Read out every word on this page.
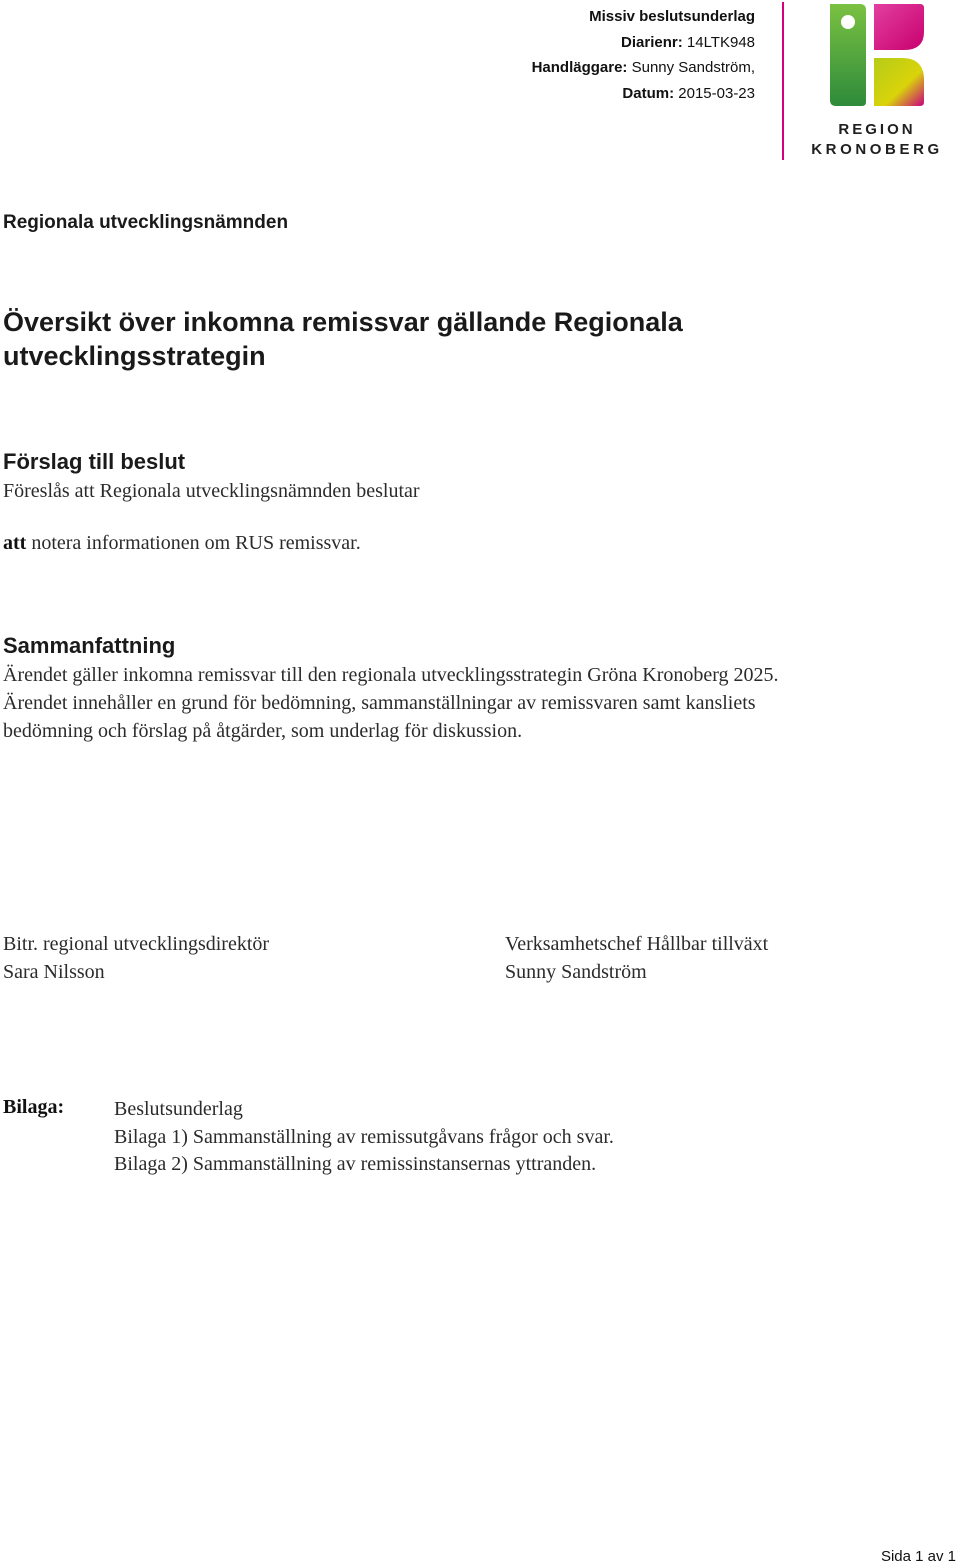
Missiv beslutsunderlag
Diarienr: 14LTK948
Handläggare: Sunny Sandström,
Datum: 2015-03-23
REGION
KRONOBERG
Regionala utvecklingsnämnden
Översikt över inkomna remissvar gällande Regionala utvecklingsstrategin
Förslag till beslut

Föreslås att Regionala utvecklingsnämnden beslutar

att notera informationen om RUS remissvar.

Sammanfattning

Ärendet gäller inkomna remissvar till den regionala utvecklingsstrategin Gröna Kronoberg 2025. Ärendet innehåller en grund för bedömning, sammanställningar av remissvaren samt kansliets bedömning och förslag på åtgärder, som underlag för diskussion.

Bitr. regional utvecklingsdirektör
Sara Nilsson
Verksamhetschef Hållbar tillväxt
Sunny Sandström
Bilaga: Beslutsunderlag
Bilaga 1) Sammanställning av remissutgåvans frågor och svar.
Bilaga 2) Sammanställning av remissinstansernas yttranden.
Sida 1 av 1
